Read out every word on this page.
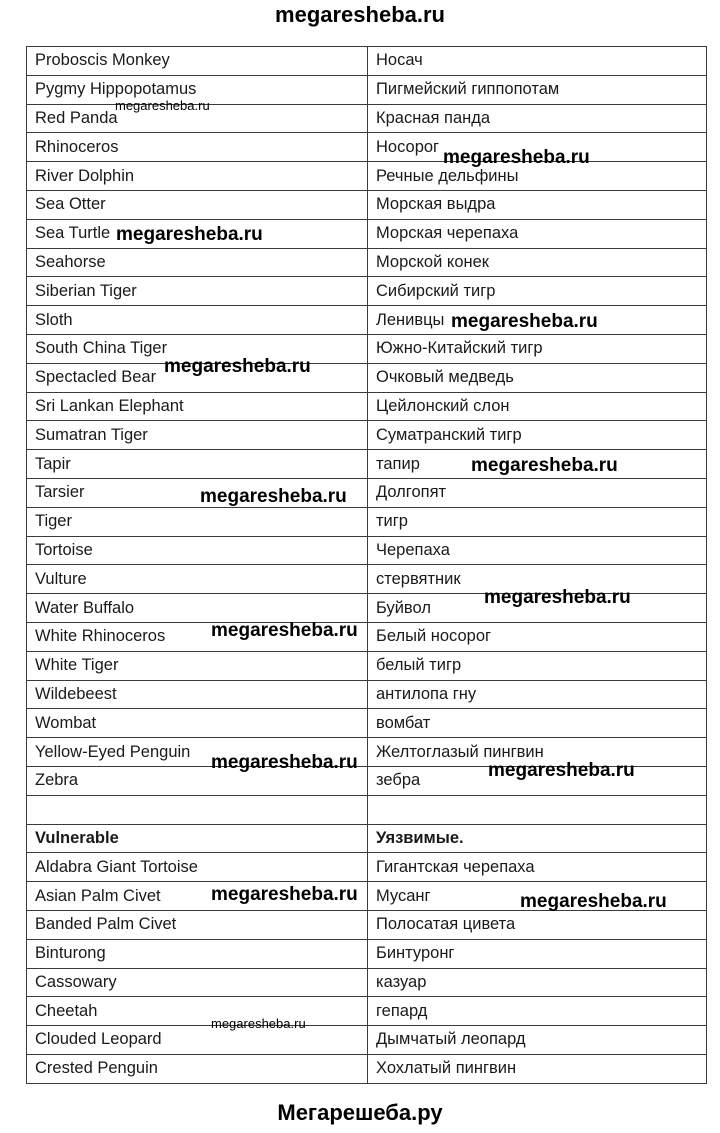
megaresheba.ru
Proboscis Monkey	Носач
Pygmy Hippopotamus	Пигмейский гиппопотам
Red Panda	Красная панда
Rhinoceros	Носорог
River Dolphin	Речные дельфины
Sea Otter	Морская выдра
Sea Turtle	Морская черепаха
Seahorse	Морской конек
Siberian Tiger	Сибирский тигр
Sloth	Ленивцы
South China Tiger	Южно-Китайский тигр
Spectacled Bear	Очковый медведь
Sri Lankan Elephant	Цейлонский слон
Sumatran Tiger	Суматранский тигр
Tapir	тапир
Tarsier	Долгопят
Tiger	тигр
Tortoise	Черепаха
Vulture	стервятник
Water Buffalo	Буйвол
White Rhinoceros	Белый носорог
White Tiger	белый тигр
Wildebeest	антилопа гну
Wombat	вомбат
Yellow-Eyed Penguin	Желтоглазый пингвин
Zebra	зебра

Vulnerable	Уязвимые.
Aldabra Giant Tortoise	Гигантская черепаха
Asian Palm Civet	Мусанг
Banded Palm Civet	Полосатая цивета
Binturong	Бинтуронг
Cassowary	казуар
Cheetah	гепард
Clouded Leopard	Дымчатый леопард
Crested Penguin	Хохлатый пингвин
megaresheba.ru
megaresheba.ru
megaresheba.ru
megaresheba.ru
megaresheba.ru
megaresheba.ru
megaresheba.ru
megaresheba.ru
megaresheba.ru
megaresheba.ru	megaresheba.ru
megaresheba.ru	megaresheba.ru
megaresheba.ru
Мегарешеба.ру
